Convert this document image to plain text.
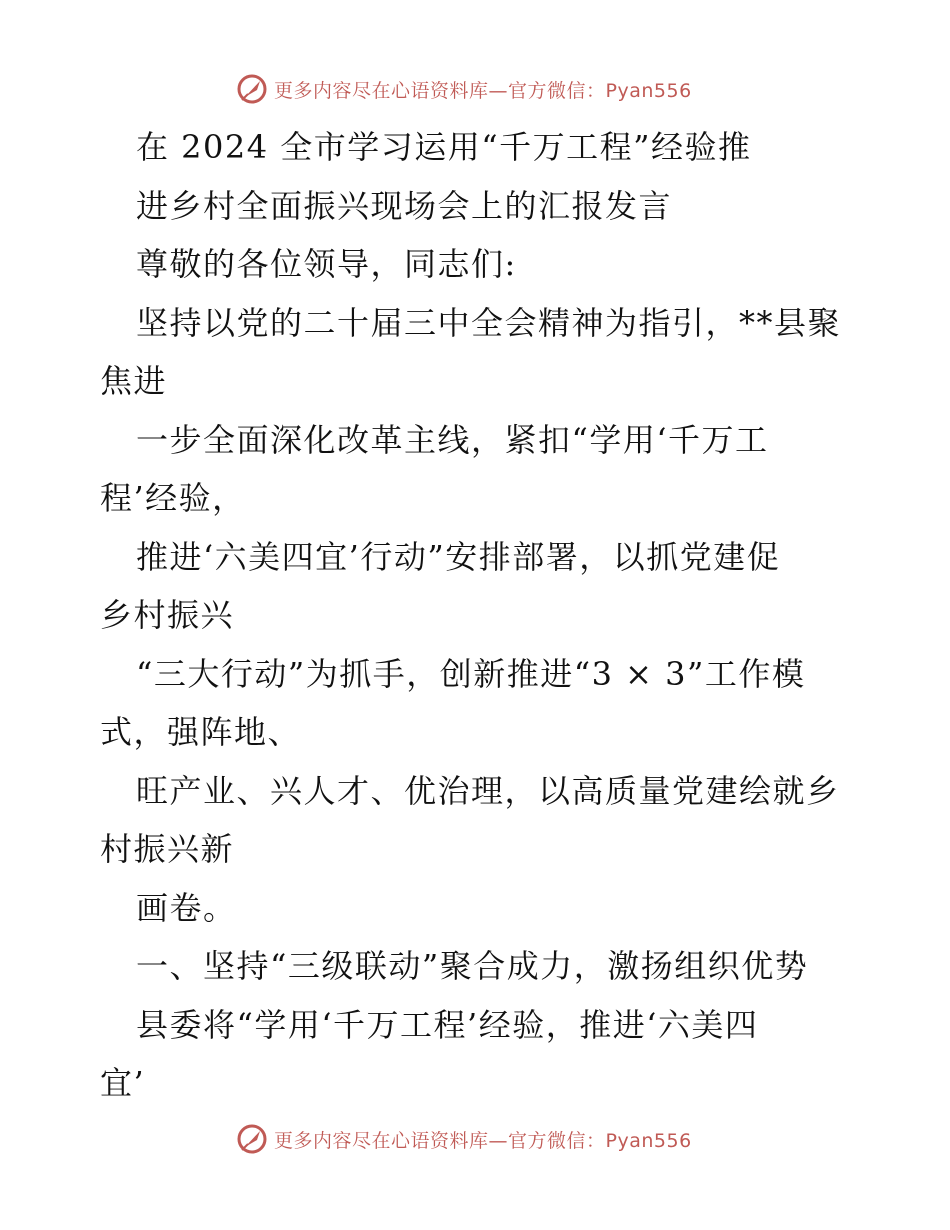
更多内容尽在心语资料库—官方微信：Pyan556
在 2024 全市学习运用“千万工程”经验推
进乡村全面振兴现场会上的汇报发言
尊敬的各位领导，同志们:
坚持以党的二十届三中全会精神为指引，**县聚
焦进
一步全面深化改革主线，紧扣“学用‘千万工
程’经验，
推进‘六美四宜’行动”安排部署，以抓党建促
乡村振兴
“三大行动”为抓手，创新推进“3 × 3”工作模
式，强阵地、
旺产业、兴人才、优治理，以高质量党建绘就乡
村振兴新
画卷。
一、坚持“三级联动”聚合成力，激扬组织优势
县委将“学用‘千万工程’经验，推进‘六美四
宜’
更多内容尽在心语资料库—官方微信：Pyan556
